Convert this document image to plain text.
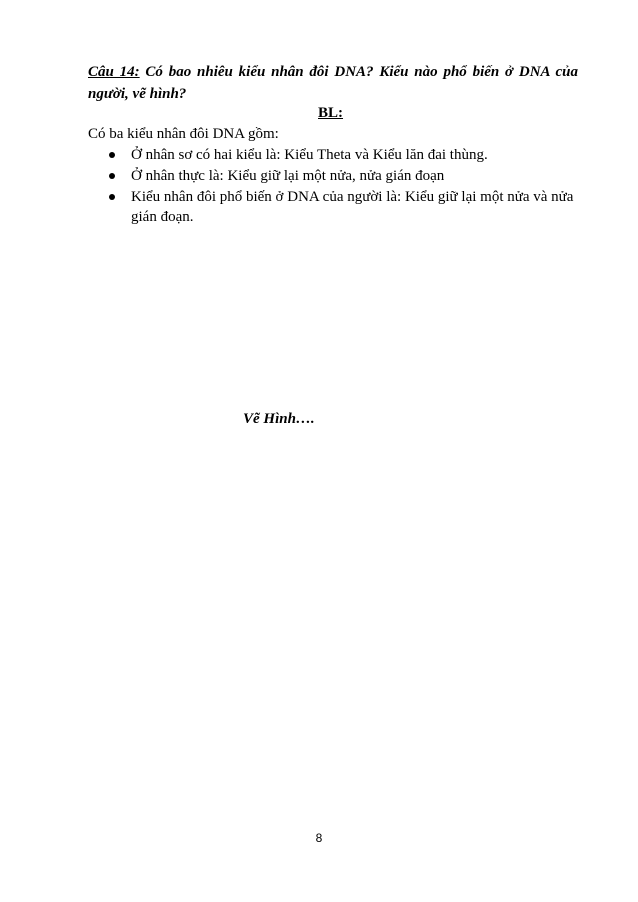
Câu 14: Có bao nhiêu kiểu nhân đôi DNA? Kiểu nào phổ biến ở DNA của người, vẽ hình?
BL:
Có ba kiểu nhân đôi DNA gồm:
Ở nhân sơ có hai kiểu là: Kiểu Theta và Kiểu lăn đai thùng.
Ở nhân thực là: Kiểu giữ lại một nửa, nửa gián đoạn
Kiểu nhân đôi phổ biến ở DNA của người là: Kiểu giữ lại một nửa và nửa gián đoạn.
Vẽ Hình….
8
